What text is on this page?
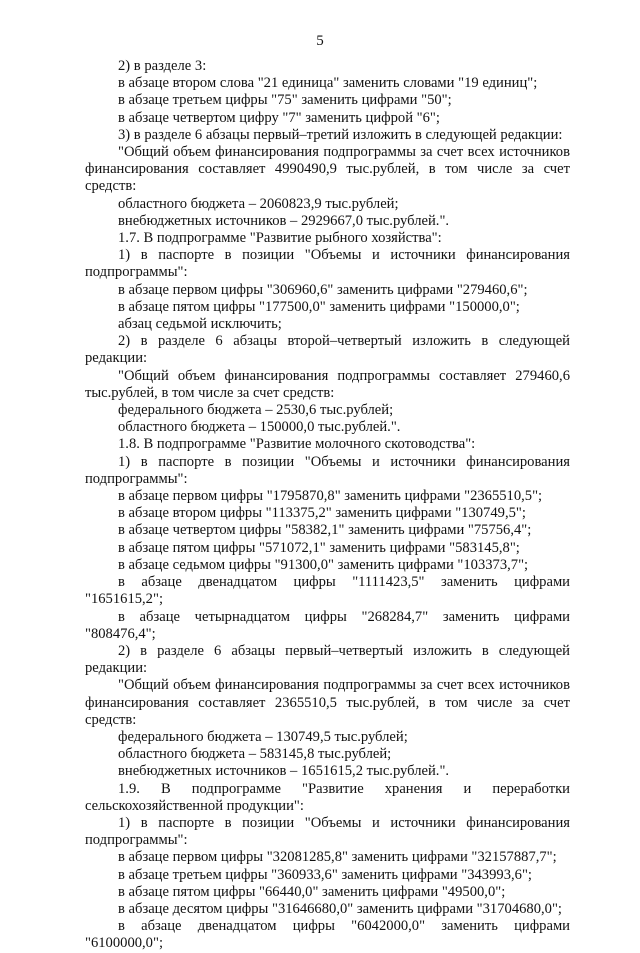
5

2) в разделе 3:

в абзаце втором слова "21 единица" заменить словами "19 единиц";

в абзаце третьем цифры "75" заменить цифрами "50";

в абзаце четвертом цифру "7" заменить цифрой "6";

3) в разделе 6 абзацы первый–третий изложить в следующей редакции:

"Общий объем финансирования подпрограммы за счет всех источников финансирования составляет 4990490,9 тыс.рублей, в том числе за счет средств:

областного бюджета – 2060823,9 тыс.рублей;

внебюджетных источников – 2929667,0 тыс.рублей.".

1.7. В подпрограмме "Развитие рыбного хозяйства":

1) в паспорте в позиции "Объемы и источники финансирования подпрограммы":

в абзаце первом цифры "306960,6" заменить цифрами "279460,6";

в абзаце пятом цифры "177500,0" заменить цифрами "150000,0";

абзац седьмой исключить;

2) в разделе 6 абзацы второй–четвертый изложить в следующей редакции:

"Общий объем финансирования подпрограммы составляет 279460,6 тыс.рублей, в том числе за счет средств:

федерального бюджета – 2530,6 тыс.рублей;

областного бюджета – 150000,0 тыс.рублей.".

1.8. В подпрограмме "Развитие молочного скотоводства":

1) в паспорте в позиции "Объемы и источники финансирования подпрограммы":

в абзаце первом цифры "1795870,8" заменить цифрами "2365510,5";

в абзаце втором цифры "113375,2" заменить цифрами "130749,5";

в абзаце четвертом цифры "58382,1" заменить цифрами "75756,4";

в абзаце пятом цифры "571072,1" заменить цифрами "583145,8";

в абзаце седьмом цифры "91300,0" заменить цифрами "103373,7";

в абзаце двенадцатом цифры "1111423,5" заменить цифрами "1651615,2";

в абзаце четырнадцатом цифры "268284,7" заменить цифрами "808476,4";

2) в разделе 6 абзацы первый–четвертый изложить в следующей редакции:

"Общий объем финансирования подпрограммы за счет всех источников финансирования составляет 2365510,5 тыс.рублей, в том числе за счет средств:

федерального бюджета – 130749,5 тыс.рублей;

областного бюджета – 583145,8 тыс.рублей;

внебюджетных источников – 1651615,2 тыс.рублей.".

1.9. В подпрограмме "Развитие хранения и переработки сельскохозяйственной продукции":

1) в паспорте в позиции "Объемы и источники финансирования подпрограммы":

в абзаце первом цифры "32081285,8" заменить цифрами "32157887,7";

в абзаце третьем цифры "360933,6" заменить цифрами "343993,6";

в абзаце пятом цифры "66440,0" заменить цифрами "49500,0";

в абзаце десятом цифры "31646680,0" заменить цифрами "31704680,0";

в абзаце двенадцатом цифры "6042000,0" заменить цифрами "6100000,0";
